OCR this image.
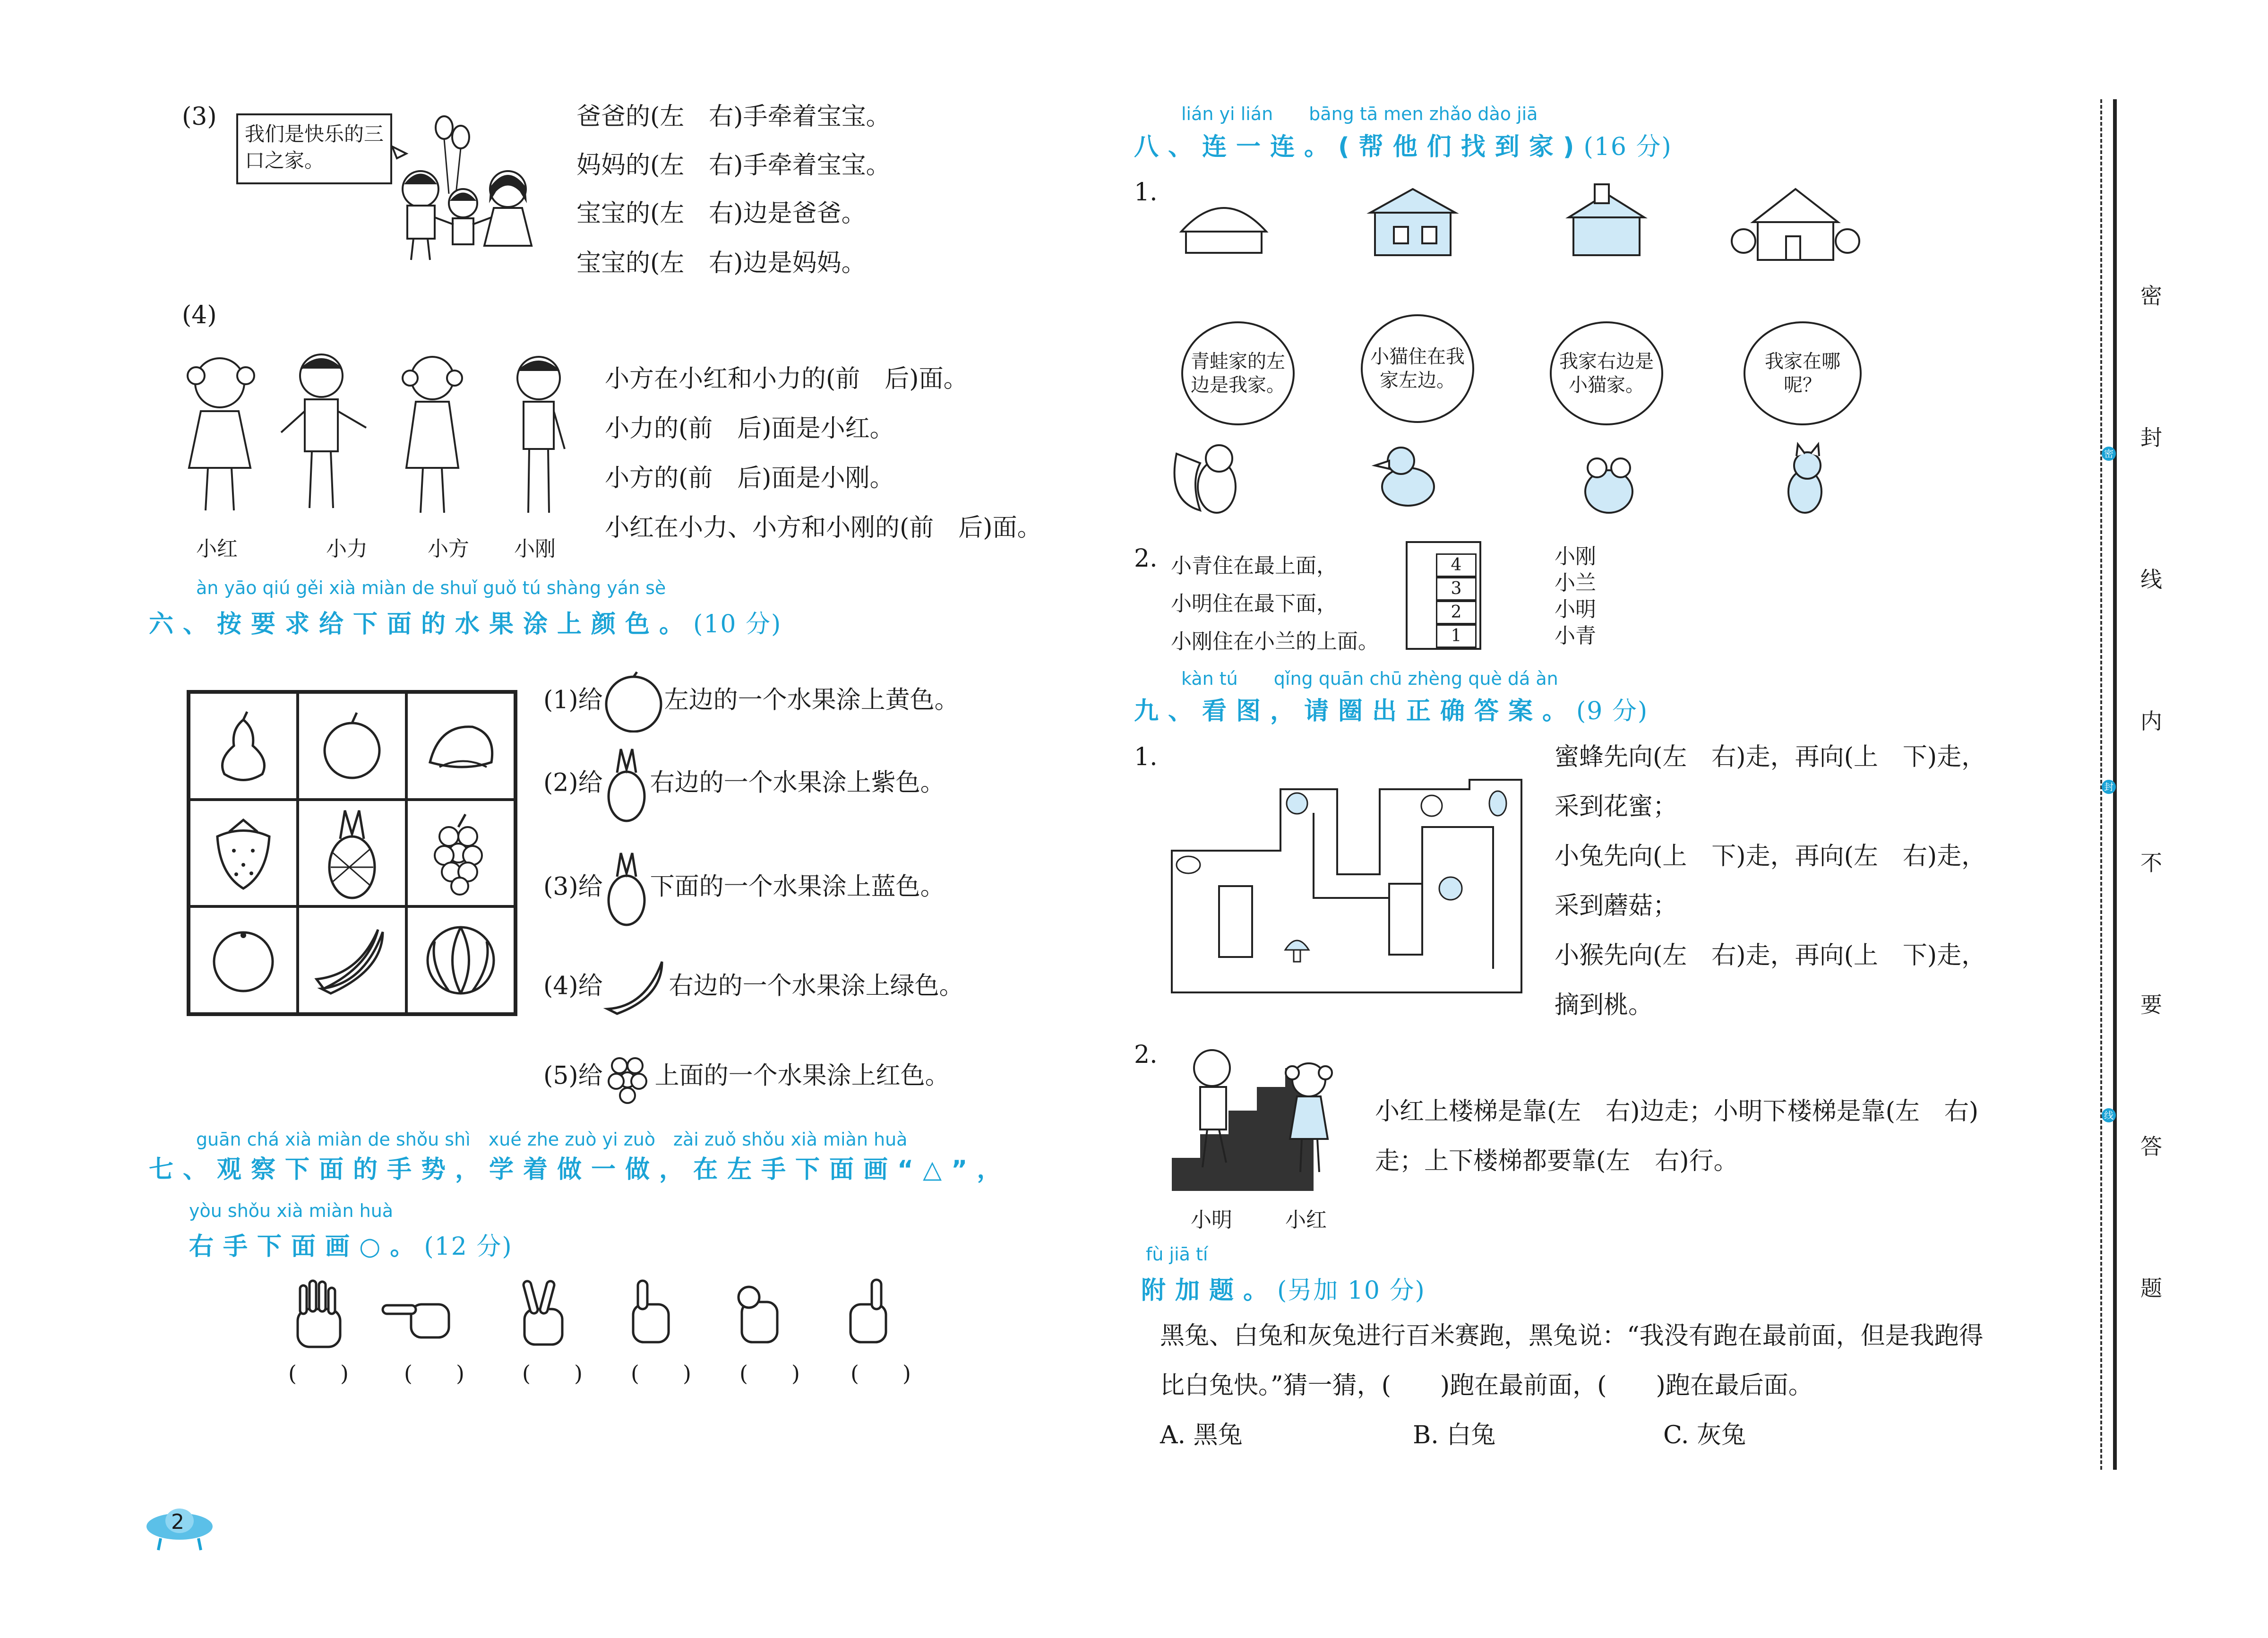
(3)
我们是快乐的三口之家。
爸爸的(左　右)手牵着宝宝。
妈妈的(左　右)手牵着宝宝。
宝宝的(左　右)边是爸爸。
宝宝的(左　右)边是妈妈。
(4)
小红	小力	小方 小刚
小方在小红和小力的(前　后)面。
小力的(前　后)面是小红。
小方的(前　后)面是小刚。
小红在小力、小方和小刚的(前　后)面。
àn yāo qiú gěi xià miàn de shuǐ guǒ tú shàng yán sè
六、按要求给下面的水果涂上颜色。(10 分)
(1)给	左边的一个水果涂上黄色。
(2)给 右边的一个水果涂上紫色。
(3)给 下面的一个水果涂上蓝色。
(4)给	右边的一个水果涂上绿色。
(5)给 上面的一个水果涂上红色。
guān chá xià miàn de shǒu shì　xué zhe zuò yi zuò　zài zuǒ shǒu xià miàn huà
七、观察下面的手势，学着做一做，在左手下面画“△”，
yòu shǒu xià miàn huà
右手下面画○。(12 分)
(　　)	(　　)	(　　) (　　) (　　) (　　)
2
lián yi lián　　bāng tā men zhǎo dào jiā
八、连一连。(帮他们找到家)(16 分)
1.
青蛙家的左边是我家。
小猫住在我家左边。
我家右边是小猫家。
我家在哪呢？
2. 小青住在最上面，
小明住在最下面，
小刚住在小兰的上面。
4
3
2
1
小刚
小兰
小明
小青
kàn tú　　qǐng quān chū zhèng què dá àn
九、看图，请圈出正确答案。(9 分)
1.	蜜蜂先向(左　右)走，再向(上　下)走，
采到花蜜；
小兔先向(上　下)走，再向(左　右)走，
采到蘑菇；
小猴先向(左　右)走，再向(上　下)走，
摘到桃。
2.
小明	小红
小红上楼梯是靠(左　右)边走；小明下楼梯是靠(左　右)
走；上下楼梯都要靠(左　右)行。
fù jiā tí
附加题。(另加 10 分)
黑兔、白兔和灰兔进行百米赛跑，黑兔说：“我没有跑在最前面，但是我跑得
比白兔快。”猜一猜，(　　)跑在最前面，(　　)跑在最后面。
A. 黑兔	B. 白兔	C. 灰兔
密
封
线
密
封
线
内
不
要
答
题
